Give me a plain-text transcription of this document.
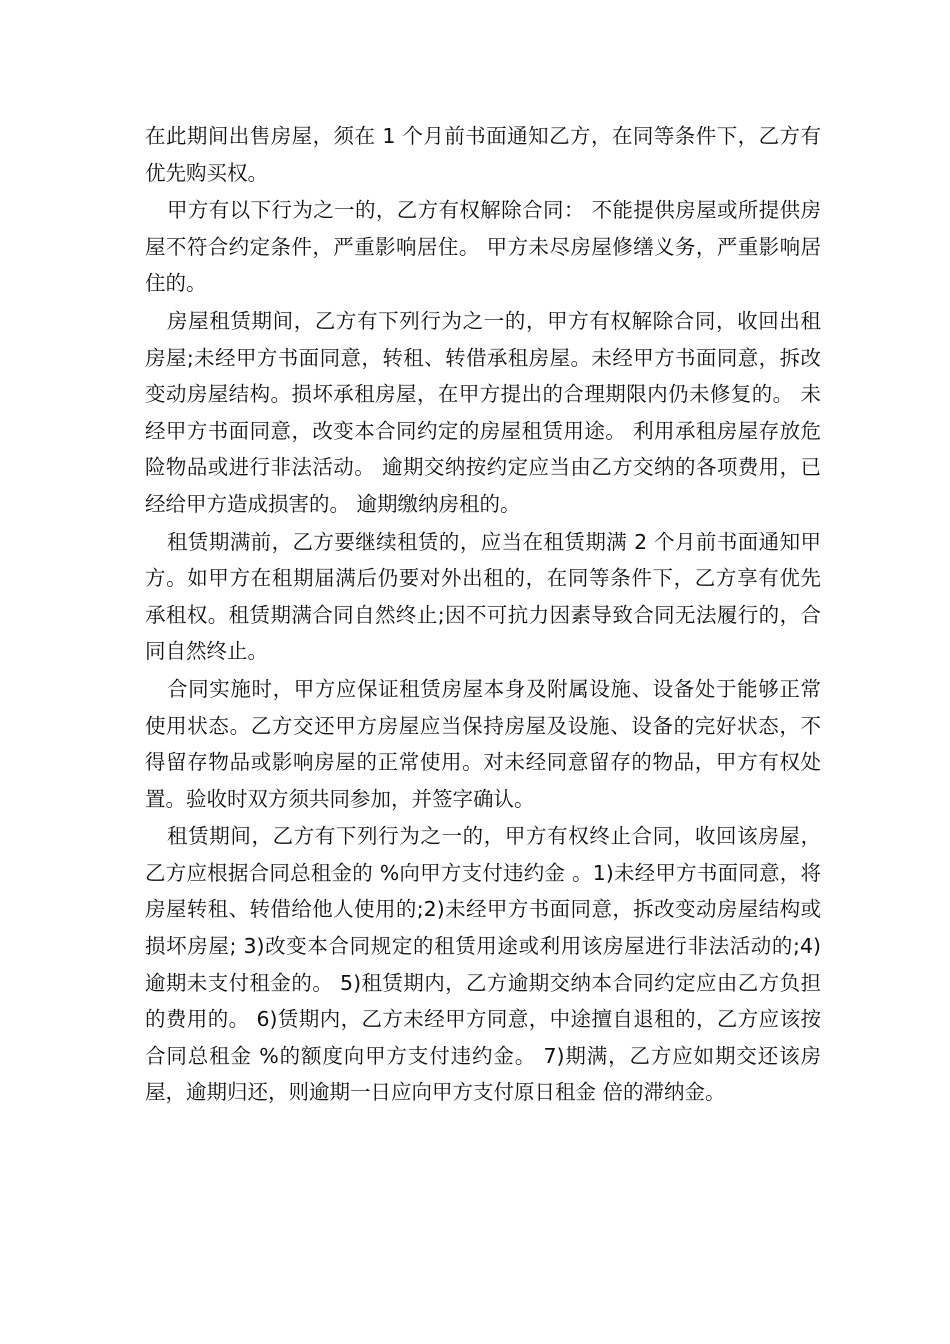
在此期间出售房屋，须在 1 个月前书面通知乙方，在同等条件下，乙方有优先购买权。

甲方有以下行为之一的，乙方有权解除合同： 不能提供房屋或所提供房屋不符合约定条件，严重影响居住。 甲方未尽房屋修缮义务，严重影响居住的。

房屋租赁期间，乙方有下列行为之一的，甲方有权解除合同，收回出租房屋;未经甲方书面同意，转租、转借承租房屋。未经甲方书面同意，拆改变动房屋结构。损坏承租房屋，在甲方提出的合理期限内仍未修复的。 未经甲方书面同意，改变本合同约定的房屋租赁用途。 利用承租房屋存放危险物品或进行非法活动。 逾期交纳按约定应当由乙方交纳的各项费用，已经给甲方造成损害的。 逾期缴纳房租的。

租赁期满前，乙方要继续租赁的，应当在租赁期满 2 个月前书面通知甲方。如甲方在租期届满后仍要对外出租的，在同等条件下，乙方享有优先承租权。租赁期满合同自然终止;因不可抗力因素导致合同无法履行的，合同自然终止。

合同实施时，甲方应保证租赁房屋本身及附属设施、设备处于能够正常使用状态。乙方交还甲方房屋应当保持房屋及设施、设备的完好状态，不得留存物品或影响房屋的正常使用。对未经同意留存的物品，甲方有权处置。验收时双方须共同参加，并签字确认。

租赁期间，乙方有下列行为之一的，甲方有权终止合同，收回该房屋，乙方应根据合同总租金的 %向甲方支付违约金 。1)未经甲方书面同意，将房屋转租、转借给他人使用的;2)未经甲方书面同意，拆改变动房屋结构或损坏房屋; 3)改变本合同规定的租赁用途或利用该房屋进行非法活动的;4)逾期未支付租金的。 5)租赁期内，乙方逾期交纳本合同约定应由乙方负担的费用的。 6)赁期内，乙方未经甲方同意，中途擅自退租的，乙方应该按合同总租金 %的额度向甲方支付违约金。 7)期满，乙方应如期交还该房屋，逾期归还，则逾期一日应向甲方支付原日租金 倍的滞纳金。
